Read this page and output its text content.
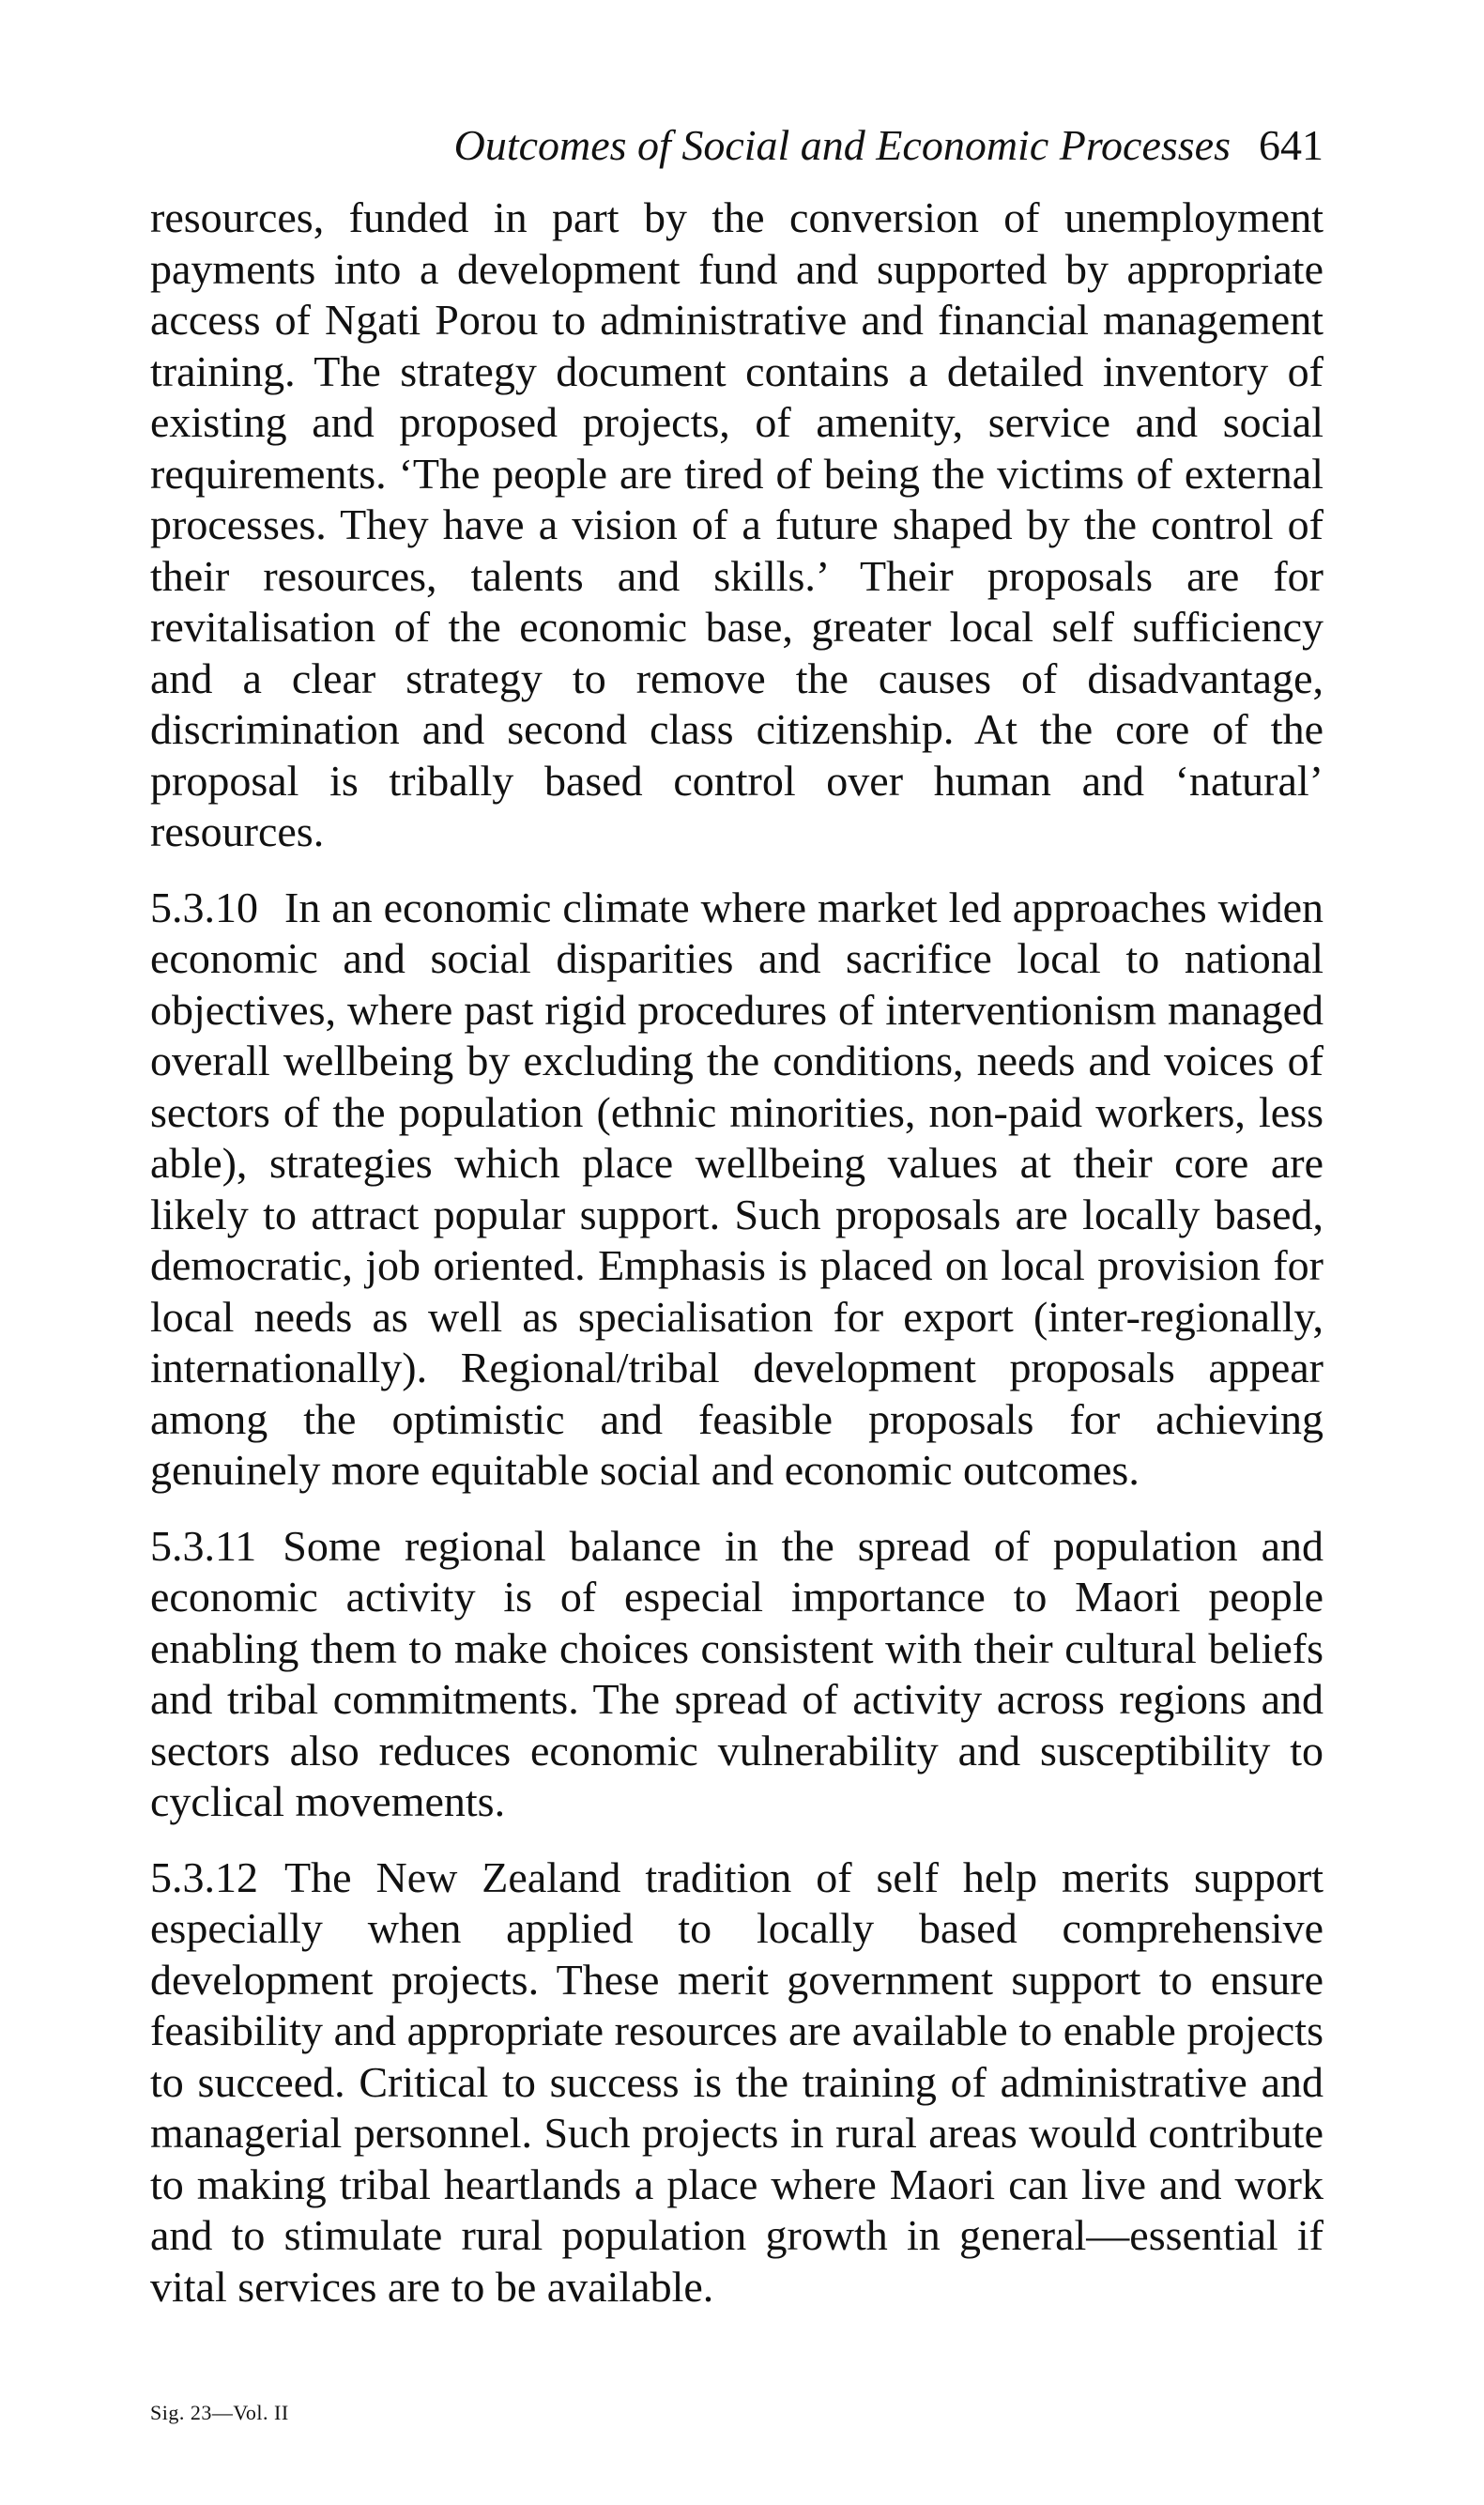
Outcomes of Social and Economic Processes 641

resources, funded in part by the conversion of unemployment payments into a development fund and supported by appropriate access of Ngati Porou to administrative and financial management training. The strategy document contains a detailed inventory of existing and proposed projects, of amenity, service and social requirements. ‘The people are tired of being the victims of external processes. They have a vision of a future shaped by the control of their resources, talents and skills.’ Their proposals are for revitalisation of the economic base, greater local self sufficiency and a clear strategy to remove the causes of disadvantage, discrimination and second class citizenship. At the core of the proposal is tribally based control over human and ‘natural’ resources.

5.3.10 In an economic climate where market led approaches widen economic and social disparities and sacrifice local to national objectives, where past rigid procedures of interventionism managed overall wellbeing by excluding the conditions, needs and voices of sectors of the population (ethnic minorities, non-paid workers, less able), strategies which place wellbeing values at their core are likely to attract popular support. Such proposals are locally based, democratic, job oriented. Emphasis is placed on local provision for local needs as well as specialisation for export (inter-regionally, internationally). Regional/tribal development proposals appear among the optimistic and feasible proposals for achieving genuinely more equitable social and economic outcomes.

5.3.11 Some regional balance in the spread of population and economic activity is of especial importance to Maori people enabling them to make choices consistent with their cultural beliefs and tribal commitments. The spread of activity across regions and sectors also reduces economic vulnerability and susceptibility to cyclical movements.

5.3.12 The New Zealand tradition of self help merits support especially when applied to locally based comprehensive development projects. These merit government support to ensure feasibility and appropriate resources are available to enable projects to succeed. Critical to success is the training of administrative and managerial personnel. Such projects in rural areas would contribute to making tribal heartlands a place where Maori can live and work and to stimulate rural population growth in general—essential if vital services are to be available.

Sig. 23—Vol. II
